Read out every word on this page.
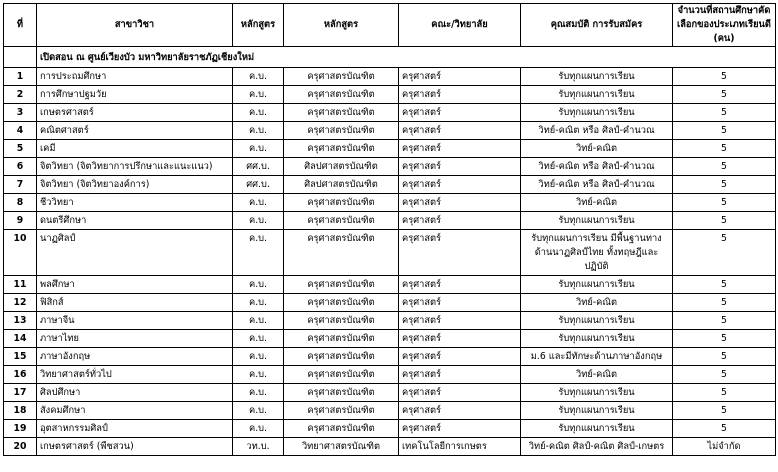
ที่	สาขาวิชา	หลักสูตร	หลักสูตร	คณะ/วิทยาลัย	คุณสมบัติ การรับสมัคร	จำนวนที่สถานศึกษาคัดเลือกของประเภทเรียนดี (คน)
	เปิดสอน ณ ศูนย์เวียงบัว มหาวิทยาลัยราชภัฏเชียงใหม่					
1	การประถมศึกษา	ค.บ.	ครุศาสตรบัณฑิต	ครุศาสตร์	รับทุกแผนการเรียน	5
2	การศึกษาปฐมวัย	ค.บ.	ครุศาสตรบัณฑิต	ครุศาสตร์	รับทุกแผนการเรียน	5
3	เกษตรศาสตร์	ค.บ.	ครุศาสตรบัณฑิต	ครุศาสตร์	รับทุกแผนการเรียน	5
4	คณิตศาสตร์	ค.บ.	ครุศาสตรบัณฑิต	ครุศาสตร์	วิทย์-คณิต หรือ ศิลป์-คำนวณ	5
5	เคมี	ค.บ.	ครุศาสตรบัณฑิต	ครุศาสตร์	วิทย์-คณิต	5
6	จิตวิทยา (จิตวิทยาการปรึกษาและแนะแนว)	ศศ.บ.	ศิลปศาสตรบัณฑิต	ครุศาสตร์	วิทย์-คณิต หรือ ศิลป์-คำนวณ	5
7	จิตวิทยา (จิตวิทยาองค์การ)	ศศ.บ.	ศิลปศาสตรบัณฑิต	ครุศาสตร์	วิทย์-คณิต หรือ ศิลป์-คำนวณ	5
8	ชีววิทยา	ค.บ.	ครุศาสตรบัณฑิต	ครุศาสตร์	วิทย์-คณิต	5
9	ดนตรีศึกษา	ค.บ.	ครุศาสตรบัณฑิต	ครุศาสตร์	รับทุกแผนการเรียน	5
10	นาฏศิลป์	ค.บ.	ครุศาสตรบัณฑิต	ครุศาสตร์	รับทุกแผนการเรียน มีพื้นฐานทางด้านนาฏศิลป์ไทย ทั้งทฤษฎีและปฏิบัติ	5
11	พลศึกษา	ค.บ.	ครุศาสตรบัณฑิต	ครุศาสตร์	รับทุกแผนการเรียน	5
12	ฟิสิกส์	ค.บ.	ครุศาสตรบัณฑิต	ครุศาสตร์	วิทย์-คณิต	5
13	ภาษาจีน	ค.บ.	ครุศาสตรบัณฑิต	ครุศาสตร์	รับทุกแผนการเรียน	5
14	ภาษาไทย	ค.บ.	ครุศาสตรบัณฑิต	ครุศาสตร์	รับทุกแผนการเรียน	5
15	ภาษาอังกฤษ	ค.บ.	ครุศาสตรบัณฑิต	ครุศาสตร์	ม.6 และมีทักษะด้านภาษาอังกฤษ	5
16	วิทยาศาสตร์ทั่วไป	ค.บ.	ครุศาสตรบัณฑิต	ครุศาสตร์	วิทย์-คณิต	5
17	ศิลปศึกษา	ค.บ.	ครุศาสตรบัณฑิต	ครุศาสตร์	รับทุกแผนการเรียน	5
18	สังคมศึกษา	ค.บ.	ครุศาสตรบัณฑิต	ครุศาสตร์	รับทุกแผนการเรียน	5
19	อุตสาหกรรมศิลป์	ค.บ.	ครุศาสตรบัณฑิต	ครุศาสตร์	รับทุกแผนการเรียน	5
20	เกษตรศาสตร์ (พืชสวน)	วท.บ.	วิทยาศาสตรบัณฑิต	เทคโนโลยีการเกษตร	วิทย์-คณิต ศิลป์-คณิต ศิลป์-เกษตร	ไม่จำกัด
